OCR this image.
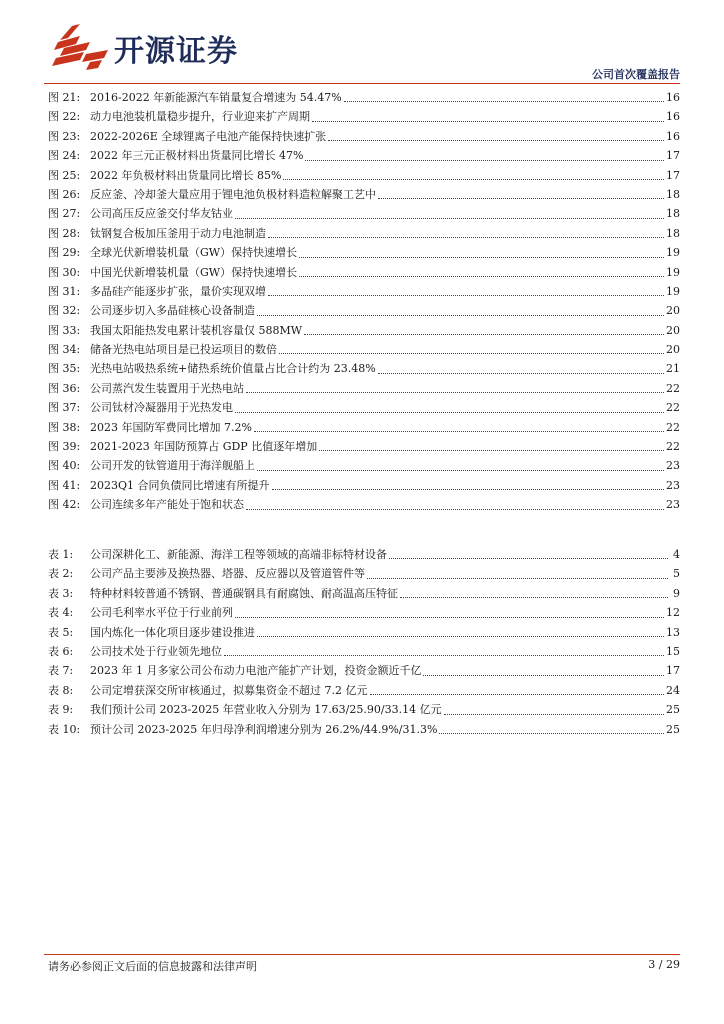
开源证券
公司首次覆盖报告
图 21: 2016-2022 年新能源汽车销量复合增速为 54.47%	16
图 22: 动力电池装机量稳步提升，行业迎来扩产周期	16
图 23: 2022-2026E 全球锂离子电池产能保持快速扩张	16
图 24: 2022 年三元正极材料出货量同比增长 47%	17
图 25: 2022 年负极材料出货量同比增长 85%	17
图 26: 反应釜、冷却釜大量应用于锂电池负极材料造粒解聚工艺中	18
图 27: 公司高压反应釜交付华友钴业	18
图 28: 钛钢复合板加压釜用于动力电池制造	18
图 29: 全球光伏新增装机量（GW）保持快速增长	19
图 30: 中国光伏新增装机量（GW）保持快速增长	19
图 31: 多晶硅产能逐步扩张，量价实现双增	19
图 32: 公司逐步切入多晶硅核心设备制造	20
图 33: 我国太阳能热发电累计装机容量仅 588MW	20
图 34: 储备光热电站项目是已投运项目的数倍	20
图 35: 光热电站吸热系统+储热系统价值量占比合计约为 23.48%	21
图 36: 公司蒸汽发生装置用于光热电站	22
图 37: 公司钛材冷凝器用于光热发电	22
图 38: 2023 年国防军费同比增加 7.2%	22
图 39: 2021-2023 年国防预算占 GDP 比值逐年增加	22
图 40: 公司开发的钛管道用于海洋舰船上	23
图 41: 2023Q1 合同负债同比增速有所提升	23
图 42: 公司连续多年产能处于饱和状态	23
表 1:	公司深耕化工、新能源、海洋工程等领域的高端非标特材设备	4
表 2:	公司产品主要涉及换热器、塔器、反应器以及管道管件等	5
表 3:	特种材料较普通不锈钢、普通碳钢具有耐腐蚀、耐高温高压特征	9
表 4:	公司毛利率水平位于行业前列	12
表 5:	国内炼化一体化项目逐步建设推进	13
表 6:	公司技术处于行业领先地位	15
表 7:	2023 年 1 月多家公司公布动力电池产能扩产计划，投资金额近千亿	17
表 8:	公司定增获深交所审核通过，拟募集资金不超过 7.2 亿元	24
表 9:	我们预计公司 2023-2025 年营业收入分别为 17.63/25.90/33.14 亿元	25
表 10: 预计公司 2023-2025 年归母净利润增速分别为 26.2%/44.9%/31.3%	25
请务必参阅正文后面的信息披露和法律声明	3 / 29
